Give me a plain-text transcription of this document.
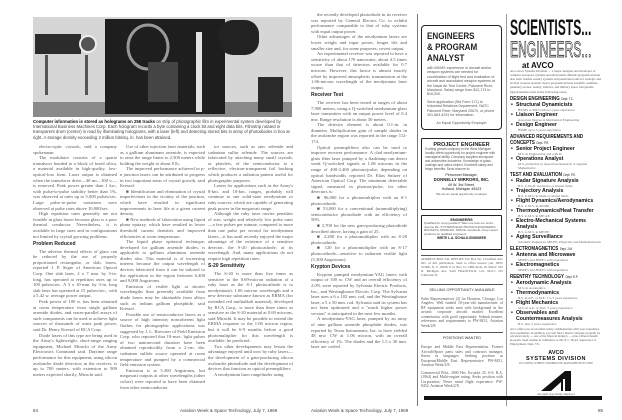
Computer information is stored as holograms on 256 tracks on strip of photographic film in experimental system developed by International Business Machines Corp. Each hologram records a byte containing a clock bit and eight data bits. Filmstrip rotated in transparent drum (center) is read by illuminating holograms, with a laser (left) and detecting stored bits in array of photodiodes in box at right. A storage density exceeding 2 million bits/sq. in. has been attained.

electro-optic crystals, said a company spokesman.

The modulator consists of a quartz transducer bonded to a block of fused silica, a material available in high-quality, low-optical-loss form. Laser output is obtained when the transducer drive—40 mc., 100 v.—is removed. Peak power greater than 1 kw., with pulse-to-pulse stability better than 1%, was observed at rates up to 5,000 pulses/sec. Large pulse-to-pulse variations were observed at pulse rates above 10,000/sec.

High repetition rates generally are not feasible in glass lasers because glass is a poor thermal conductor. Nevertheless, it is available in large sizes and in configurations not limited by crystal growing problems.

Problem Reduced

The adverse thermal effects of glass can be reduced by the use of properly proportioned rectangular, or slab, lasers, reported J. P. Segre of American Optical Corp. One slab laser, 2 x 7 mm. by 3-in. long, has operated at repetition rates up to 100 pulses/sec. A 3 x 10-mm. by 3-in. long slab laser has operated at 15 pulses/sec., with a 5.42 w. average power output.

Peak power of 100 w. has been obtained at room temperature from single gallium arsenide diodes, and series-parallel arrays of such components can be used to achieve light sources of thousands of watts peak power, said Dr. Henry Kressel of RCA Corp.

Diode lasers of this type are being used in the Army's lightweight, short-range ranging equipment, Michael Mirachi of the Army Electronics Command said. Daytime range performance for this equipment, using silicon avalanche diode detectors in the receiver, is up to 700 meters, with extension to 900 meters expected shortly, Mirachi said.

Use of other injection laser materials, such as a gallium aluminum arsenide, is expected to raise the range limits to 2,500 meters while holding the weight to about 8 lb.

The improved performance achieved in p-n junction lasers can be attributed to progress in two important areas of crystal growth, said Kressel:

■ Identification and elimination of crystal imperfections in the vicinity of the junction, which have resulted in significant improvements in laser life at a given current density.

■ New methods of fabrication using liquid phase epitaxy, which have resulted in lower threshold current densities and improved efficiencies at room temperature.

The liquid phase epitaxial technique, developed for gallium arsenide diodes, is applicable to gallium aluminum arsenide diodes also. This material is of increasing interest because the output wavelength of devices fabricated from it can be tailored to the application in the region between 6,400 and 9,000 Angstroms.

Emission of visible light at shorter wavelengths than presently available from diode lasers may be obtainable from alloys such as indium gallium phosphide, said Kressel.

Possible use of semiconductor lasers as a source of high intensity noncoherent light flashes for photographic applications was suggested by J. L. Brewster of Field Emission Corp. who reported that 10-nsec. light pulses of two nanosecond duration have been obtained reproducibly from a 2-cm. dia. cadmium sulfide source operated at room temperature and pumped by a commercial field emission system.

Emission is at 5,300 Angstroms, but megawatt outputs at other wavelengths (other colors) were reported to have been obtained from other semiconductor

tor sources, such as zinc selenide and cadmium sulfur selenide. The sources are fabricated by attaching many small crystals, or platelets, of the semiconductor to a reflective, electron-transparent foil backing which produces a radiation pattern useful for photographic purposes.

Lasers for applications such as the Army's 8-km. and 10-km. ranges, probably will continue to use solid-state neodymium or ruby sources, which are capable of generating peak power in the megawatt range.

Although the ruby laser carries penalties of size, weight and relatively low pulse rates—a few pulses per minute, compared to more than one pulse per second for neodymium lasers—it has until recently enjoyed the major advantage of the existence of a sensitive detector, the S-20 photocathode, at its wavelength. And, many applications do not require high repetition rates.

S-20 Sensitivity

The S-20 is more than five times as sensitive to the 0.69-micron radiation of a ruby laser as the S-1 photocathode is to neodymium's 1.06 micron wavelength and a new detector substance known as ERMA (for extended red multialkali material), developed by RCA Corp., is more than three times as sensitive as the S-20 material at 0.69 microns, said Mirachi. It may be possible to extend the ERMA response to the 1.06 micron region, but it will be 6-9 months before a good photomultiplier for this wavelength is available, he predicted.

Two other developments may lessen the advantage enjoyed until now by ruby lasers—the development of a gain-producing silicon avalanche photodiode and the development of devices that function as optical preamplifiers.

A neodymium laser rangefinder using

84	Aviation Week & Space Technology, July 7, 1969

the recently developed photodiode in its receiver was reported by General Electric Co. to exhibit performance comparable to that of ruby systems with equal output power.

Other advantages of the neodymium lasers are lower weight and input power, longer life and smaller size and, for some purposes, covert output.

An experimental receiver was reported to have a sensitivity of about 170 nanowatts, about 4.5 times worse than that of detectors available for 0.7 microns. However, this factor is almost exactly offset by improved atmospheric transmission at the 1.06-micron wavelength of the neodymium laser output.

Receiver Test

The receiver has been tested at ranges of about 7,900 meters, using a Q-switched neodymium-glass laser transmitter with an output power level of 0.4 mw. Range resolution is about 30 meters.

The detector element is about 0.1-in. in diameter. Multiplication gain of sample diodes in the avalanche region was reported in the range 112-174.

Optical preamplifiers also can be used to improve receiver performance. A clad neodymium-glass fiber laser pumped by a flashlamp can detect weak Q-switched signals at 1.06 microns in the range of 400-2,400 photons/pulse, depending on optical bandwidth, reported Dr. Elias Snitzer of American Optical Corp. The minimum detectable signal, measured in photons/pulse, for other detectors is:

■ 96,000 for a photomultiplier with an S-1 photocathode.

■ 53,000 for a conventional (nonmultiplying) semiconductor photodiode with an efficiency of 50%.

■ 3,700 for the new gain-producing photodiode described above, having a gain of 25.

■ 2,200 for a photomultiplier with an S-20 photocathode.

■ 120 for a photomultiplier with an S-17 photocathode—sensitive to radiation visible light (5,300 Angstroms).

Krypton Devices

Krypton pumped neodymium-YAG lasers with output of 100 w. CW and an overall efficiency of 2.0% were reported by Sylvania Electric Products, Inc., and Westinghouse Electric Corp. The Sylvania laser uses a 6 x 102 mm. rod, and the Westinghouse laser, a 5 x 50 mm. rod. Sylvania said its system has not been optimized and a "much higher power version" is anticipated in the next few months.

A neodymium-YAG laser, pumped by an array of nine gallium arsenide phosphide diodes, was reported by Texas Instruments, Inc. to have yielded 48 mw. CW at 1.06 micron, with an overall efficiency of 1%. The diodes and the 1.5 x 30 mm. laser are cooled.

ENGINEERS
& PROGRAM
ANALYST
with BS/MS experience in aircraft and/or weapon systems are needed for coordination of flight test and evaluation of aircraft and associated weapon systems at the Naval Air Test Center, Patuxent River, Maryland. Salary range from $12,174 to $16,000.
Send application (Std Form 171) to Industrial Relations Department, NATC Patuxent River, Maryland 20670, or phone 301-863-4291 for information.
An Equal Opportunity Employer
PROJECT ENGINEER
Exciting growth company in the West Michigan locality offers opportunity for project engineer with managerial ability. Company supplies aerospace and automotive industries. Knowledge of glass-coatings and optics helpful. Excellent salary and fringe benefits. Send resume to:
Personnel Manager,
DONNELLY MIRRORS, INC.
49 W. 3rd Street,
Holland, Michigan 49423
We are an equal opportunity employer
ENGINEERS
Qualified for a top position? Take one look our entire resume file: SYSTEMS ELECTRONICS ENGINEERS, ROCKETS, MISSILES, SPACE. Hundreds of top career positions for qualified engineers.
WRITE L.A. SCHALD-ENGINEER
ADDRESS BOX NO. REPLIES TO: Box No. Classified Adv. Div. of this publication. Send to office nearest you. NEW YORK, N. Y. 10036: P. O. Box 12. CHICAGO, Ill. 60611: 645 N. Michigan Ave. SAN FRANCISCO, Cal. 94111: 255 California St.
SELLING OPPORTUNITY AVAILABLE
Sales Representatives (2) for Houston, Chicago, Los Angeles. Well funded 10-year-old manufacturer of RF equipment seeks men with background in the avionic corporate aircraft market. Excellent commission; with good opportunity. Submit resume, references and requirements to PW-8451, Aviation Week/2/8.
POSITIONS WANTED
Europe and Middle East Representation. Former Aircraft/Space parts sales and contracts manager, fluent in languages. Seeking position as European/Middle East Representative. PW-8451, Aviation Week/2/8.
Commercial Pilot, 2000 Hrs. Ex-pilot 25, 6-6. B.A. (1964) and Multi-engine rating. Seeks position with Corporation. Never mind flight experience. PW-8452, Aviation Week/2/8.
SCIENTISTS...
ENGINEERS...
at AVCO
Avco Avco Systems Division — a major designer and developer of complex aerospace systems and subsystems. Missile programs include also basic missile reentry systems and penetration aids for strategic and tactical weapon systems. Space programs include scientific satellites, planetary probes, reentry vehicles, and military space subsystems.
Opportunities exist in the following areas.
DESIGN ENGINEERING Dept. T.C.
• Structural Dynamicists
BS/MS or PhD with two years experience
• Liaison Engineer
Associate Degree in Mechanical Engineering
• Design Engineer
BSME up to 5 years experience
ADVANCED REQUIREMENTS AND CONCEPTS Dept. P.R.
• Senior Project Engineer
M.S. in Engineering and a Ph.D.
• Operations Analyst
M.S. preferably in Operations Research or Applied Mathematics
TEST AND EVALUATION Dept. P.E.
• Radar Signature Analysis
B.S. to Ph.D. in physics or related fields
• Trajectory Analysis
B.S. to M.S. in Math or related fields
• Flight Dynamics/Aerodynamics
B.S. to M.S. in AE/ME
• Thermodynamics/Heat Transfer
B.S. to M.S. in ME/AE
• Electro-Mechanical Systems Analysis
B.S. to M.S. in ME/EE
• Aging Surveillance
Scientific Engineers, ME/EE, Physicists and Mathematicians
ELECTROMAGNETICS Dept. J.M.
• Antenna and Microwave
MSEE's and BSEE's with experience
• Electromagnetics
MSEE's and BSEE's with experience
REENTRY TECHNOLOGY Dept. R.P.
• Aerodynamic Analysis
M.S. in Aeronautics
• Thermodynamics
B.S. in A.E. or M.E. 1 to 5 years experience
• Flight Mechanics
M.S. in A.E. or M.E. 3 years experience
• Observables and Countermeasures Analysis
B.S. plus 3 years experience
Avco offers you an excellent salary commensurate with your experience and capabilities. In addition, you will find a liberal company program for advanced study — one of the finest in industry — plus a liberal benefit program. Send resume in confidence to Mr. P. C. Boyd, Supervisor of Employment, Dept. VS.
AVCO
SYSTEMS DIVISION
201 LOWELL STREET, WILMINGTON, MASSACHUSETTS 01887
An equal opportunity employer
Aviation Week & Space Technology, July 7, 1969	85
